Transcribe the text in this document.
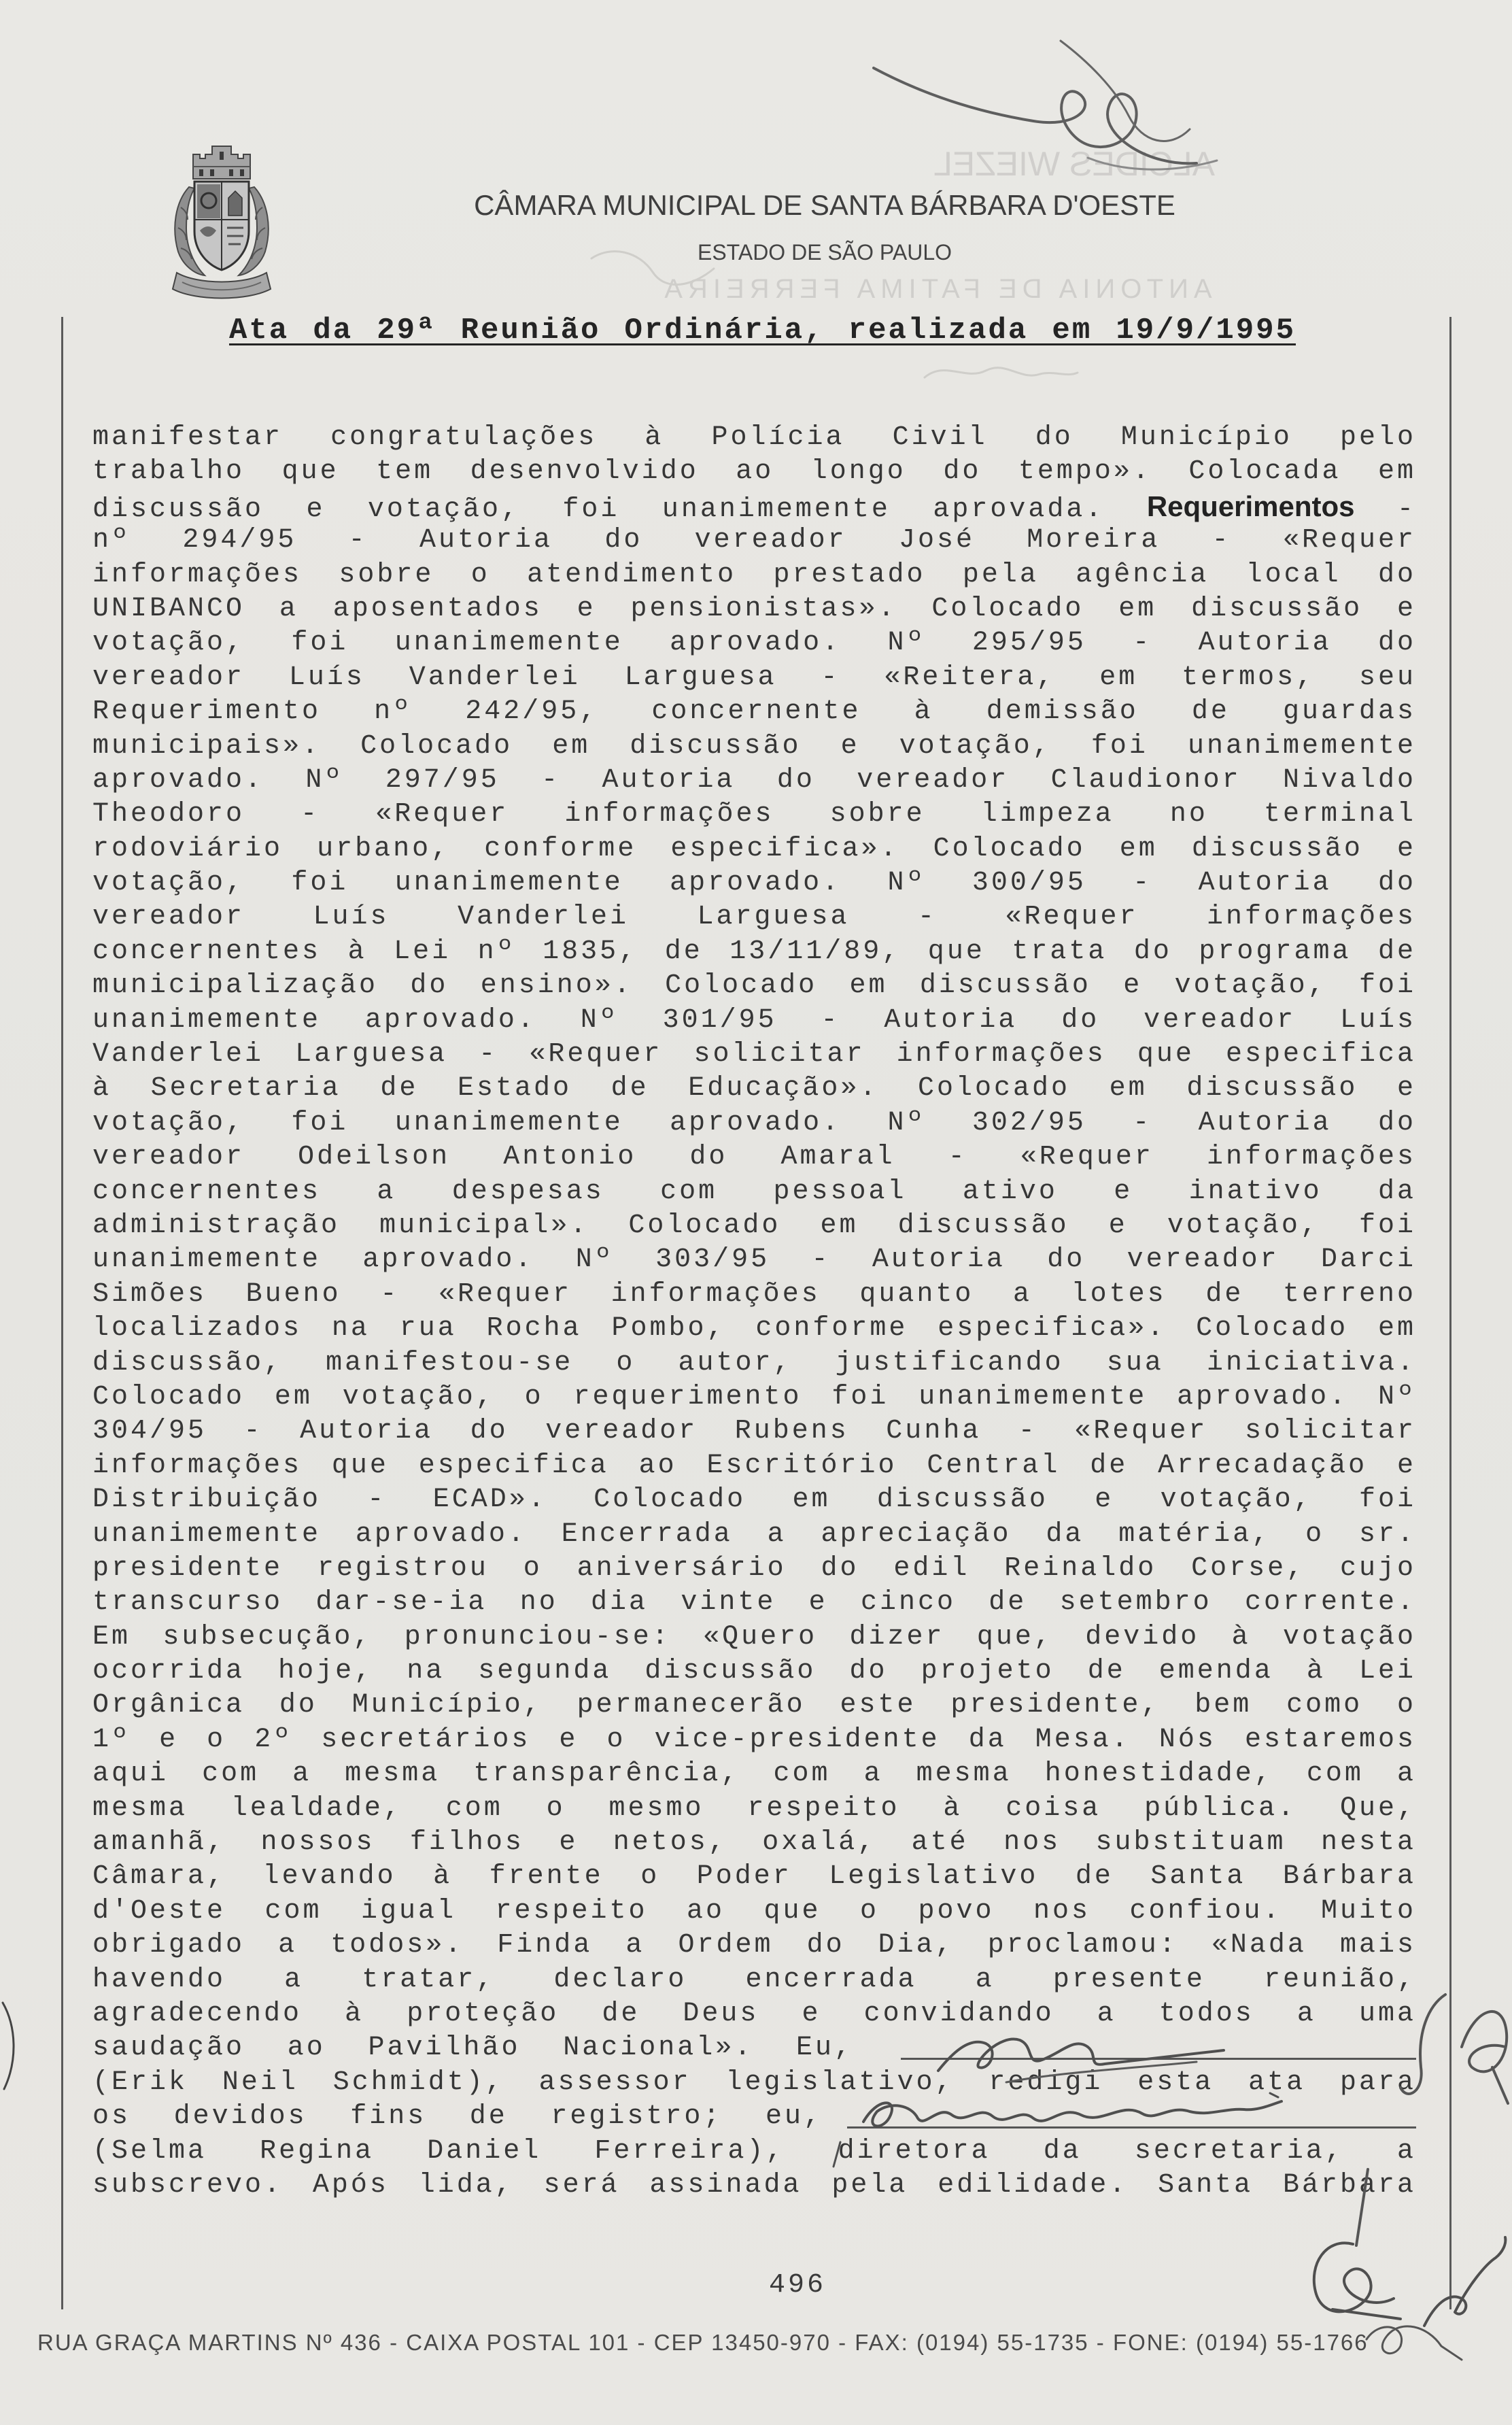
ALCIDES WIEZEL
ANTONIA DE FATIMA FERREIRA
CÂMARA MUNICIPAL DE SANTA BÁRBARA D'OESTE
ESTADO DE SÃO PAULO
Ata da 29ª Reunião Ordinária, realizada em 19/9/1995
manifestar congratulações à Polícia Civil do Município pelo
trabalho que tem desenvolvido ao longo do tempo». Colocada em
discussão e votação, foi unanimemente aprovada. Requerimentos -
nº 294/95 - Autoria do vereador José Moreira - «Requer
informações sobre o atendimento prestado pela agência local do
UNIBANCO a aposentados e pensionistas». Colocado em discussão e
votação, foi unanimemente aprovado. Nº 295/95 - Autoria do
vereador Luís Vanderlei Larguesa - «Reitera, em termos, seu
Requerimento nº 242/95, concernente à demissão de guardas
municipais». Colocado em discussão e votação, foi unanimemente
aprovado. Nº 297/95 - Autoria do vereador Claudionor Nivaldo
Theodoro - «Requer informações sobre limpeza no terminal
rodoviário urbano, conforme especifica». Colocado em discussão e
votação, foi unanimemente aprovado. Nº 300/95 - Autoria do
vereador Luís Vanderlei Larguesa - «Requer informações
concernentes à Lei nº 1835, de 13/11/89, que trata do programa de
municipalização do ensino». Colocado em discussão e votação, foi
unanimemente aprovado. Nº 301/95 - Autoria do vereador Luís
Vanderlei Larguesa - «Requer solicitar informações que especifica
à Secretaria de Estado de Educação». Colocado em discussão e
votação, foi unanimemente aprovado. Nº 302/95 - Autoria do
vereador Odeilson Antonio do Amaral - «Requer informações
concernentes a despesas com pessoal ativo e inativo da
administração municipal». Colocado em discussão e votação, foi
unanimemente aprovado. Nº 303/95 - Autoria do vereador Darci
Simões Bueno - «Requer informações quanto a lotes de terreno
localizados na rua Rocha Pombo, conforme especifica». Colocado em
discussão, manifestou-se o autor, justificando sua iniciativa.
Colocado em votação, o requerimento foi unanimemente aprovado. Nº
304/95 - Autoria do vereador Rubens Cunha - «Requer solicitar
informações que especifica ao Escritório Central de Arrecadação e
Distribuição - ECAD». Colocado em discussão e votação, foi
unanimemente aprovado. Encerrada a apreciação da matéria, o sr.
presidente registrou o aniversário do edil Reinaldo Corse, cujo
transcurso dar-se-ia no dia vinte e cinco de setembro corrente.
Em subsecução, pronunciou-se: «Quero dizer que, devido à votação
ocorrida hoje, na segunda discussão do projeto de emenda à Lei
Orgânica do Município, permanecerão este presidente, bem como o
1º e o 2º secretários e o vice-presidente da Mesa. Nós estaremos
aqui com a mesma transparência, com a mesma honestidade, com a
mesma lealdade, com o mesmo respeito à coisa pública. Que,
amanhã, nossos filhos e netos, oxalá, até nos substituam nesta
Câmara, levando à frente o Poder Legislativo de Santa Bárbara
d'Oeste com igual respeito ao que o povo nos confiou. Muito
obrigado a todos». Finda a Ordem do Dia, proclamou: «Nada mais
havendo a tratar, declaro encerrada a presente reunião,
agradecendo à proteção de Deus e convidando a todos a uma
saudação ao Pavilhão Nacional». Eu,
(Erik Neil Schmidt), assessor legislativo, redigi esta ata para
os devidos fins de registro; eu,
(Selma Regina Daniel Ferreira), diretora da secretaria, a
subscrevo. Após lida, será assinada pela edilidade. Santa Bárbara
496
RUA GRAÇA MARTINS Nº 436 - CAIXA POSTAL 101 - CEP 13450-970 - FAX: (0194) 55-1735 - FONE: (0194) 55-1766
